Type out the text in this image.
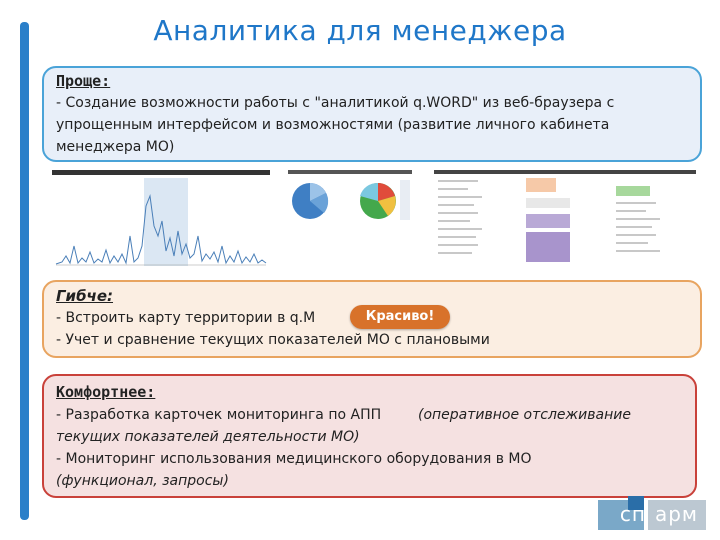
Аналитика для менеджера
Проще:
- Создание возможности работы с "аналитикой q.WORD" из веб-браузера с
упрощенным интерфейсом и возможностями (развитие личного кабинета
менеджера МО)
Гибче:
- Встроить карту территории в q.M
- Учет и сравнение текущих показателей МО с плановыми
Красиво!
Комфортнее:
- Разработка карточек мониторинга по АПП	(оперативное отслеживание
текущих показателей деятельности МО)
- Мониторинг использования медицинского оборудования в МО
(функционал, запросы)
сп арм
